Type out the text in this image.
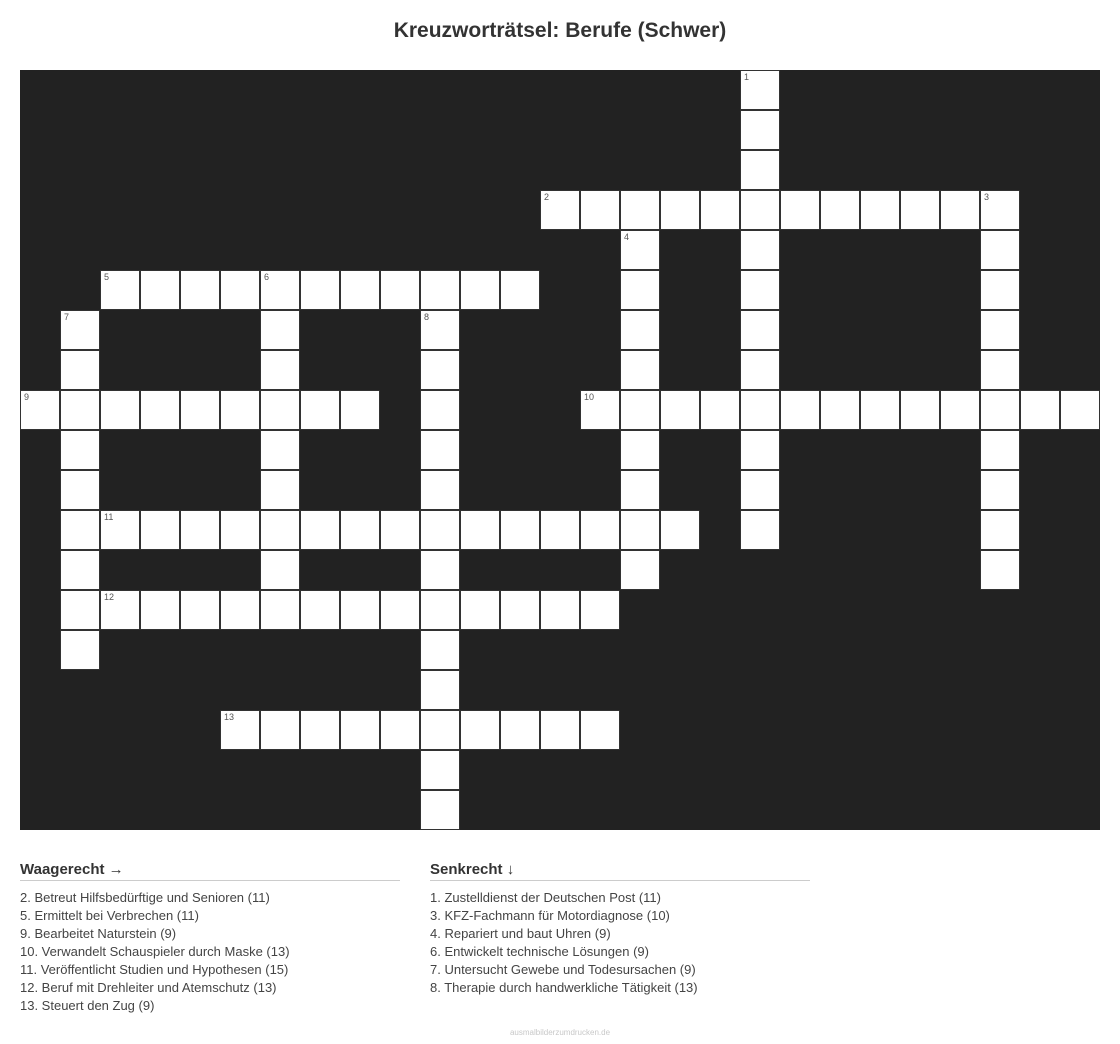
Kreuzworträtsel: Berufe (Schwer)
1
2	3
4
5	6
7	8
9	10
11
12
13
Waagerecht →
2. Betreut Hilfsbedürftige und Senioren (11)
5. Ermittelt bei Verbrechen (11)
9. Bearbeitet Naturstein (9)
10. Verwandelt Schauspieler durch Maske (13)
11. Veröffentlicht Studien und Hypothesen (15)
12. Beruf mit Drehleiter und Atemschutz (13)
13. Steuert den Zug (9)
Senkrecht ↓
1. Zustelldienst der Deutschen Post (11)
3. KFZ-Fachmann für Motordiagnose (10)
4. Repariert und baut Uhren (9)
6. Entwickelt technische Lösungen (9)
7. Untersucht Gewebe und Todesursachen (9)
8. Therapie durch handwerkliche Tätigkeit (13)
ausmalbilderzumdrucken.de
